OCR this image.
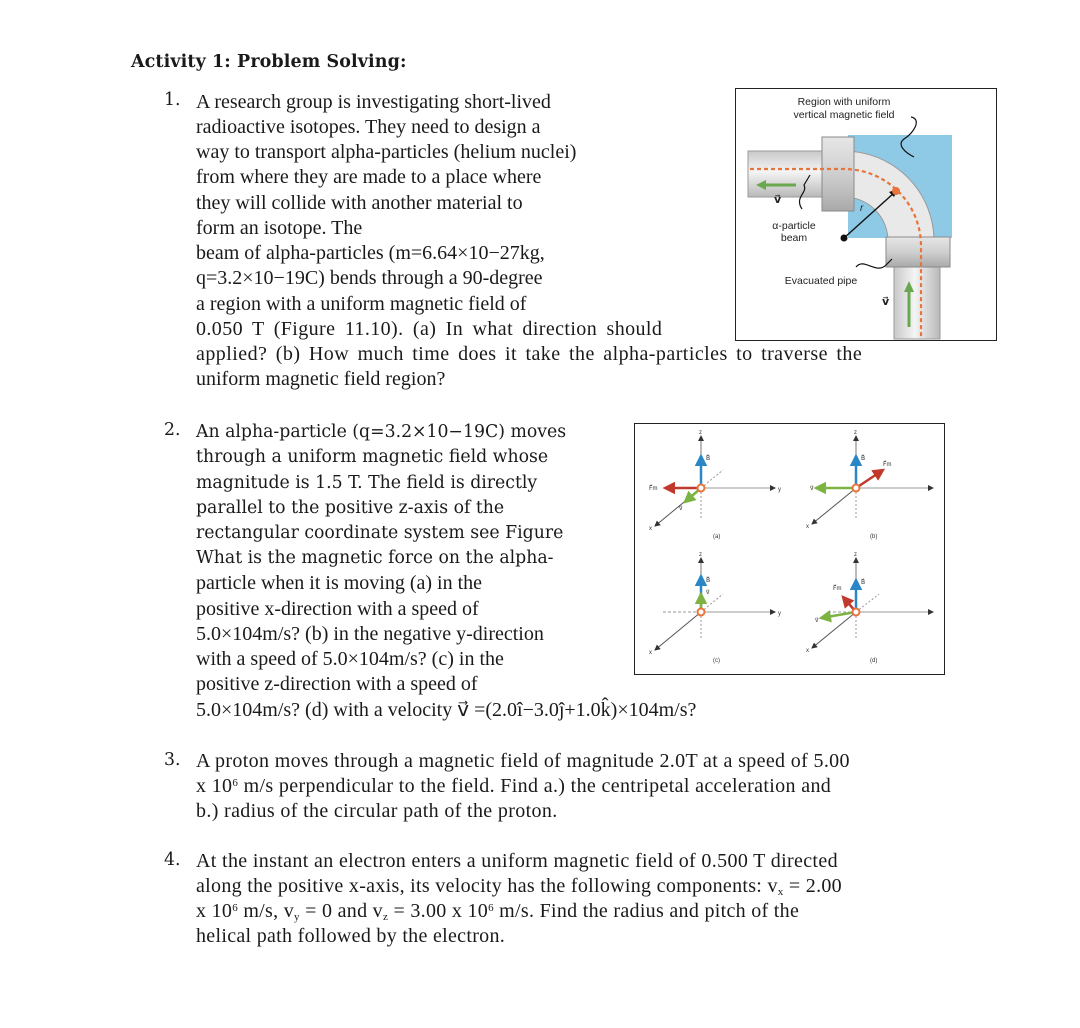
Activity 1: Problem Solving:
1. A research group is investigating short-lived
radioactive isotopes. They need to design a
way to transport alpha-particles (helium nuclei)
from where they are made to a place where
they will collide with another material to
form an isotope. The
beam of alpha-particles (m=6.64×10−27kg,
q=3.2×10−19C) bends through a 90-degree
a region with a uniform magnetic field of
0.050 T (Figure 11.10). (a) In what direction should
applied? (b) How much time does it take the alpha-particles to traverse the
uniform magnetic field region?
Region with uniform
vertical magnetic field
α-particle
beam
Evacuated pipe
v⃗
v⃗
r
2. An alpha-particle (q=3.2×10−19C) moves
through a uniform magnetic field whose
magnitude is 1.5 T. The field is directly
parallel to the positive z-axis of the
rectangular coordinate system see Figure
What is the magnetic force on the alpha-
particle when it is moving (a) in the
positive x-direction with a speed of
5.0×104m/s? (b) in the negative y-direction
with a speed of 5.0×104m/s? (c) in the
positive z-direction with a speed of
5.0×104m/s? (d) with a velocity v⃗ =(2.0î−3.0ĵ+1.0k̂)×104m/s?
B⃗
F⃗m
v⃗
z
y
x
(a)
B⃗
F⃗m
v⃗
z
x
(b)
B⃗
v⃗
z
y
x
(c)
B⃗
F⃗m
v⃗
z
x
(d)
3. A proton moves through a magnetic field of magnitude 2.0T at a speed of 5.00
x $10^6$ m/s perpendicular to the field. Find a.) the centripetal acceleration and
b.) radius of the circular path of the proton.
4. At the instant an electron enters a uniform magnetic field of 0.500 T directed
along the positive x-axis, its velocity has the following components: $v_x = 2.00$
x $10^6$ m/s, $v_y = 0$ and $v_z = 3.00$ x $10^6$ m/s. Find the radius and pitch of the
helical path followed by the electron.
